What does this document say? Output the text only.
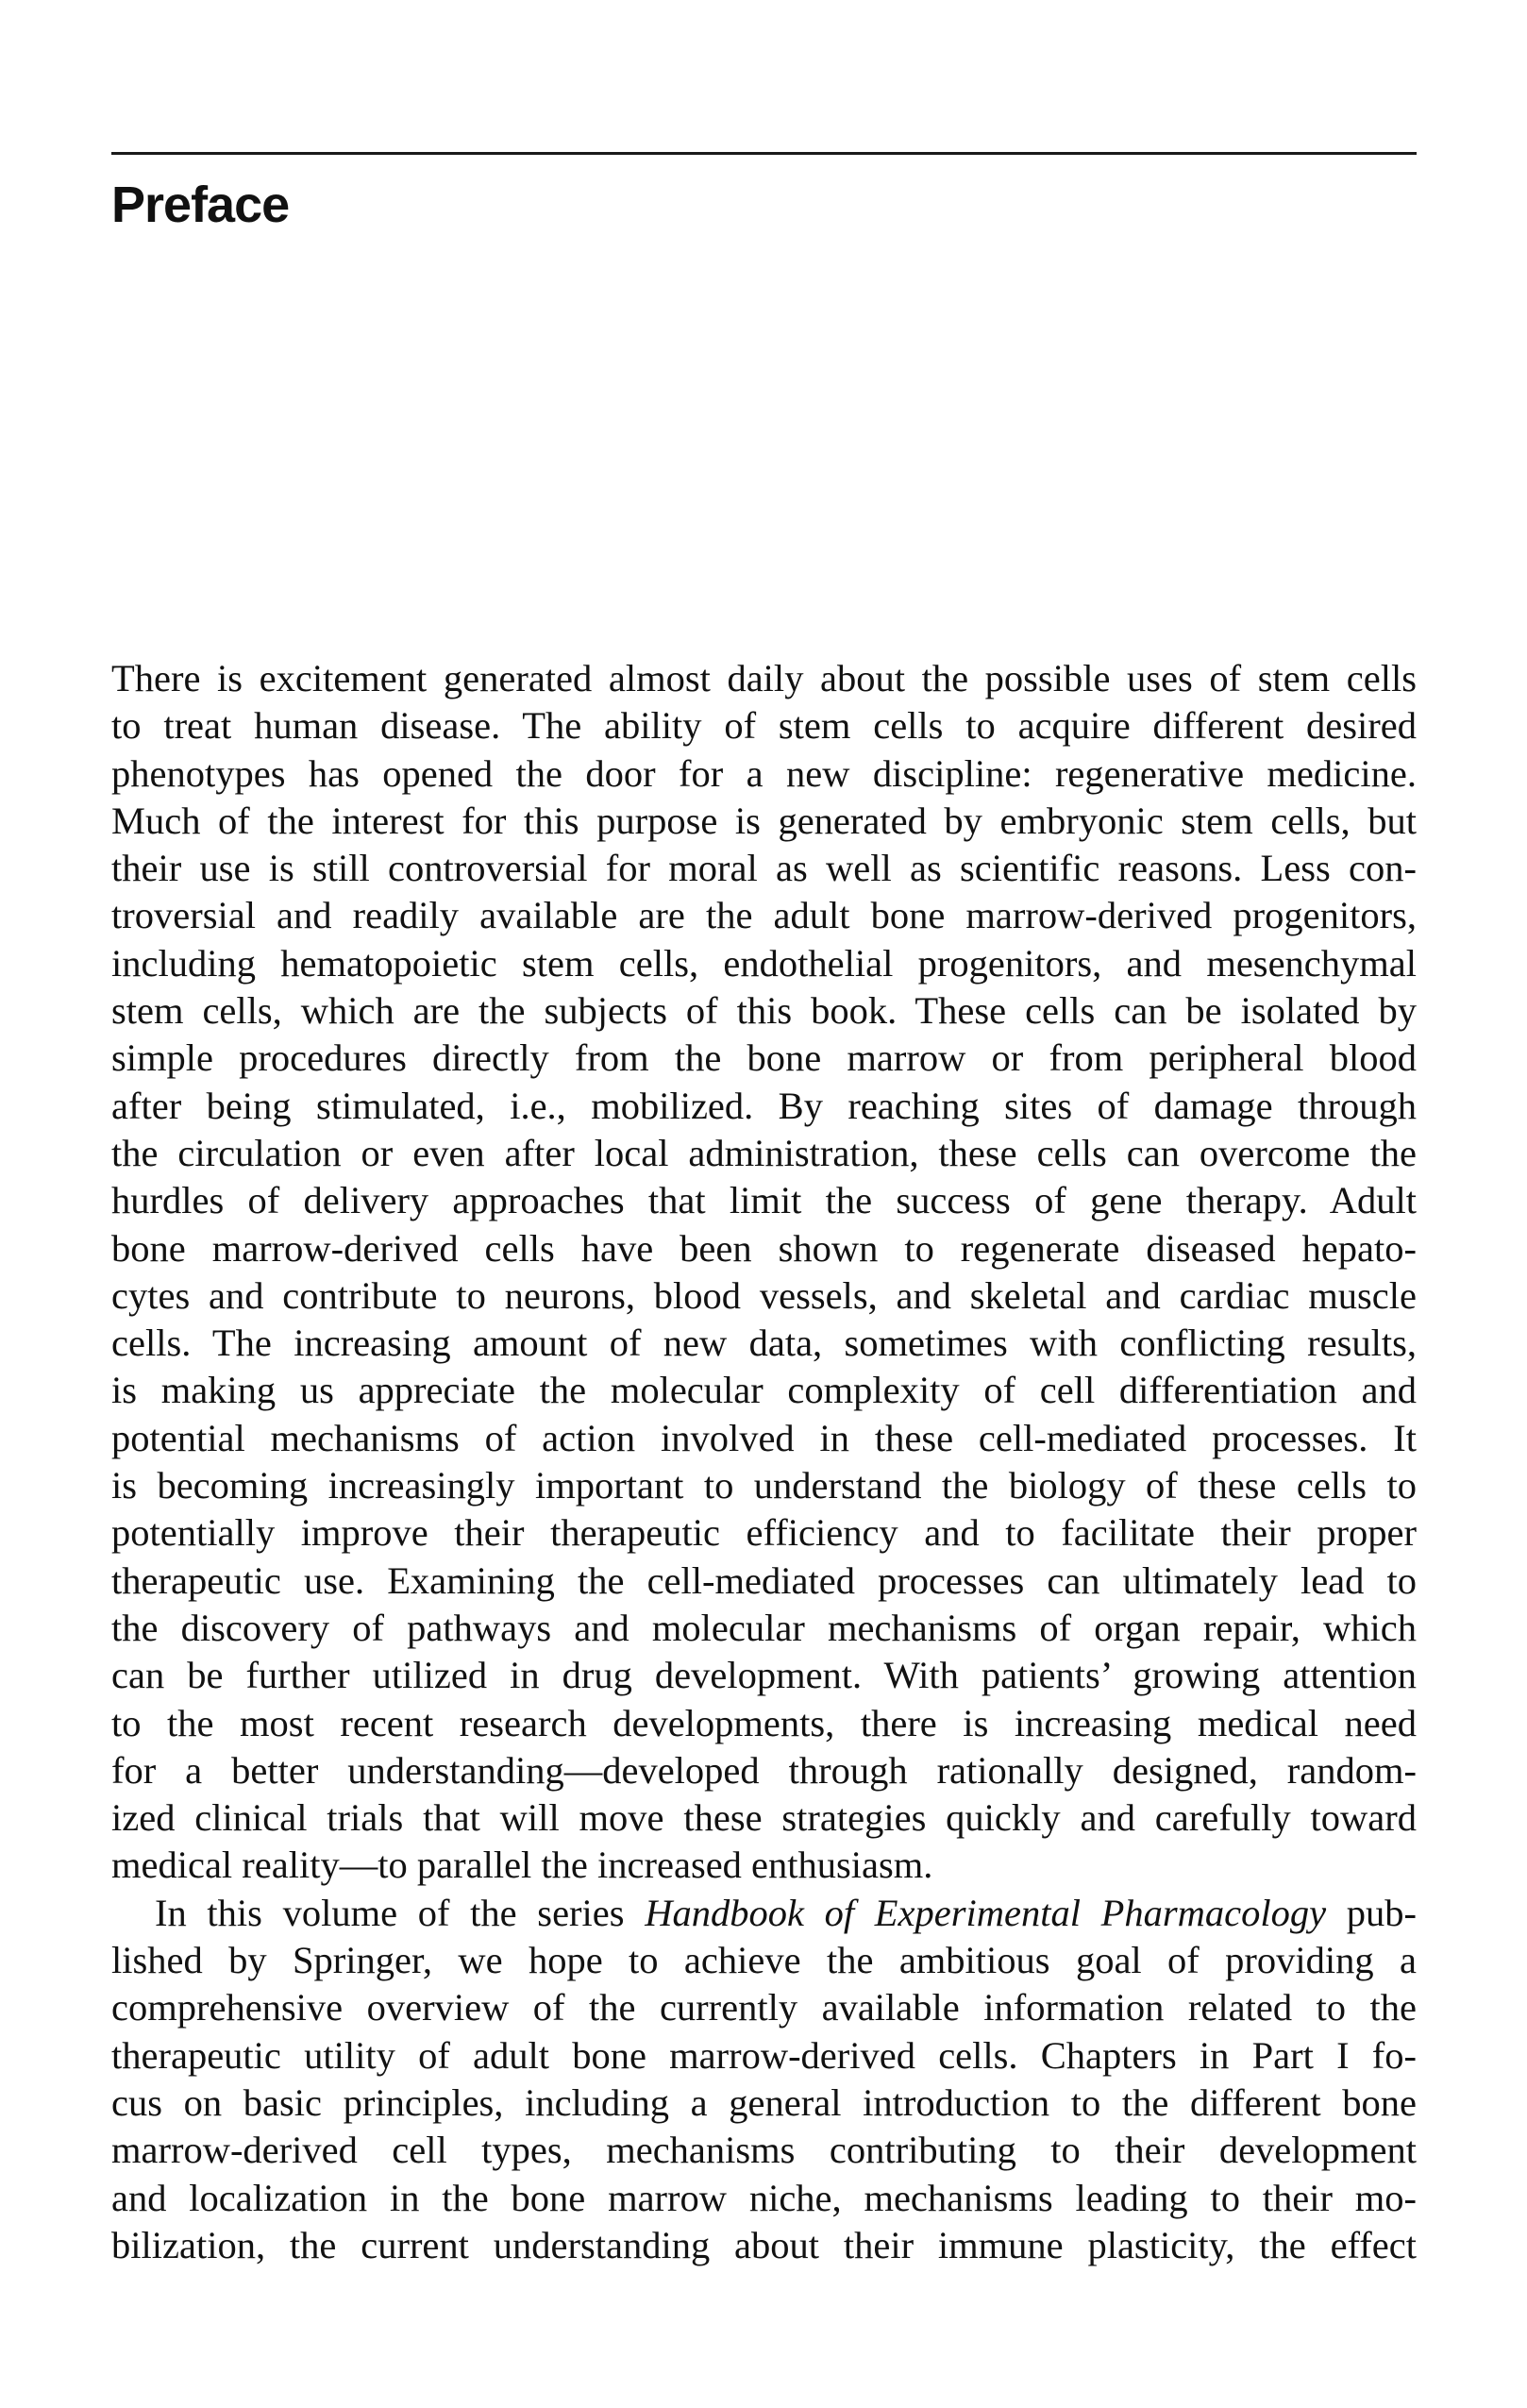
Preface
There is excitement generated almost daily about the possible uses of stem cells
to treat human disease. The ability of stem cells to acquire different desired
phenotypes has opened the door for a new discipline: regenerative medicine.
Much of the interest for this purpose is generated by embryonic stem cells, but
their use is still controversial for moral as well as scientific reasons. Less con-
troversial and readily available are the adult bone marrow-derived progenitors,
including hematopoietic stem cells, endothelial progenitors, and mesenchymal
stem cells, which are the subjects of this book. These cells can be isolated by
simple procedures directly from the bone marrow or from peripheral blood
after being stimulated, i.e., mobilized. By reaching sites of damage through
the circulation or even after local administration, these cells can overcome the
hurdles of delivery approaches that limit the success of gene therapy. Adult
bone marrow-derived cells have been shown to regenerate diseased hepato-
cytes and contribute to neurons, blood vessels, and skeletal and cardiac muscle
cells. The increasing amount of new data, sometimes with conflicting results,
is making us appreciate the molecular complexity of cell differentiation and
potential mechanisms of action involved in these cell-mediated processes. It
is becoming increasingly important to understand the biology of these cells to
potentially improve their therapeutic efficiency and to facilitate their proper
therapeutic use. Examining the cell-mediated processes can ultimately lead to
the discovery of pathways and molecular mechanisms of organ repair, which
can be further utilized in drug development. With patients’ growing attention
to the most recent research developments, there is increasing medical need
for a better understanding—developed through rationally designed, random-
ized clinical trials that will move these strategies quickly and carefully toward
medical reality—to parallel the increased enthusiasm.
In this volume of the series Handbook of Experimental Pharmacology pub-
lished by Springer, we hope to achieve the ambitious goal of providing a
comprehensive overview of the currently available information related to the
therapeutic utility of adult bone marrow-derived cells. Chapters in Part I fo-
cus on basic principles, including a general introduction to the different bone
marrow-derived cell types, mechanisms contributing to their development
and localization in the bone marrow niche, mechanisms leading to their mo-
bilization, the current understanding about their immune plasticity, the effect
